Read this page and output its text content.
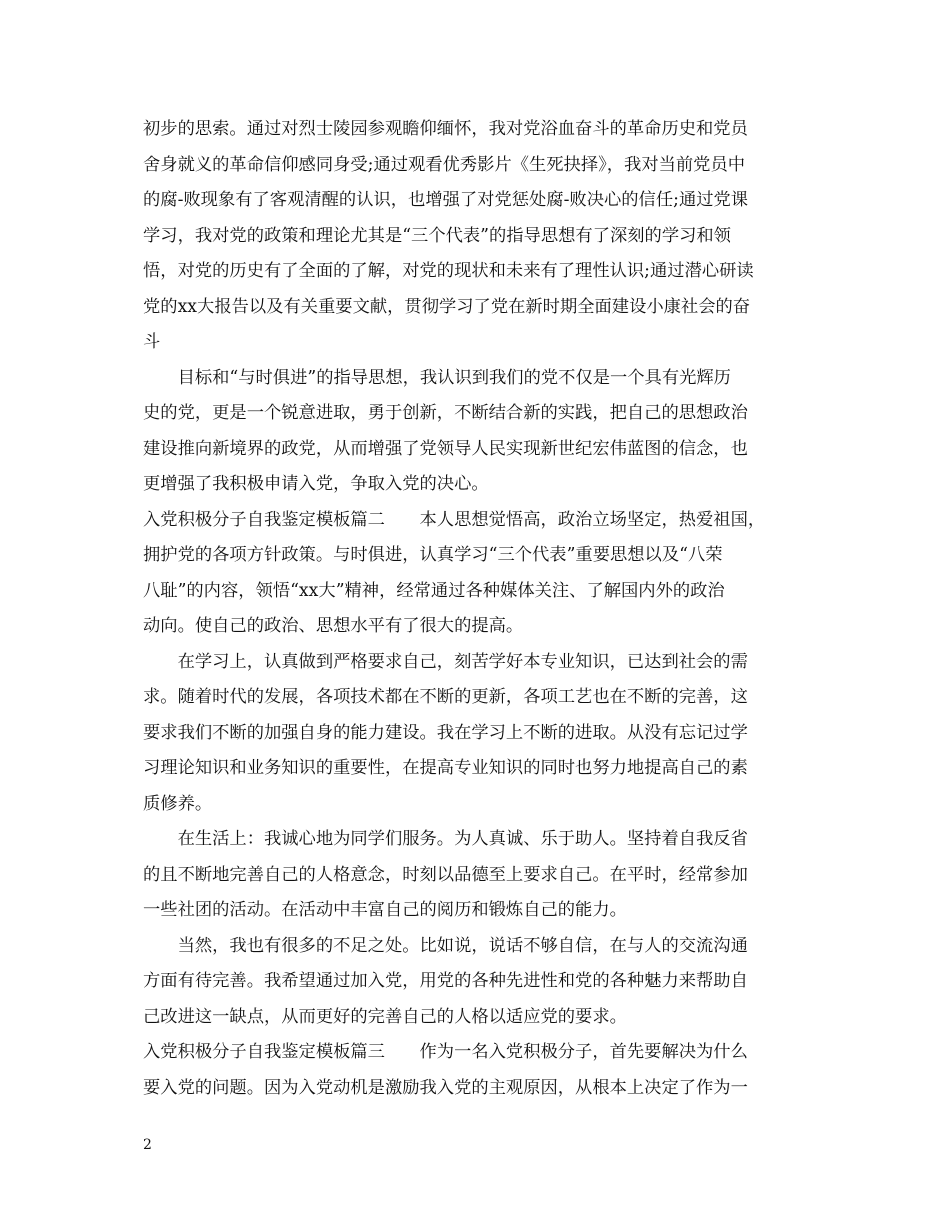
初步的思索。通过对烈士陵园参观瞻仰缅怀，我对党浴血奋斗的革命历史和党员
舍身就义的革命信仰感同身受;通过观看优秀影片《生死抉择》，我对当前党员中
的腐-败现象有了客观清醒的认识，也增强了对党惩处腐-败决心的信任;通过党课
学习，我对党的政策和理论尤其是“三个代表”的指导思想有了深刻的学习和领
悟，对党的历史有了全面的了解，对党的现状和未来有了理性认识;通过潜心研读
党的xx大报告以及有关重要文献，贯彻学习了党在新时期全面建设小康社会的奋
斗
　　目标和“与时俱进”的指导思想，我认识到我们的党不仅是一个具有光辉历
史的党，更是一个锐意进取，勇于创新，不断结合新的实践，把自己的思想政治
建设推向新境界的政党，从而增强了党领导人民实现新世纪宏伟蓝图的信念，也
更增强了我积极申请入党，争取入党的决心。
入党积极分子自我鉴定模板篇二　　本人思想觉悟高，政治立场坚定，热爱祖国，
拥护党的各项方针政策。与时俱进，认真学习“三个代表”重要思想以及“八荣
八耻”的内容，领悟“xx大”精神，经常通过各种媒体关注、了解国内外的政治
动向。使自己的政治、思想水平有了很大的提高。
　　在学习上，认真做到严格要求自己，刻苦学好本专业知识，已达到社会的需
求。随着时代的发展，各项技术都在不断的更新，各项工艺也在不断的完善，这
要求我们不断的加强自身的能力建设。我在学习上不断的进取。从没有忘记过学
习理论知识和业务知识的重要性，在提高专业知识的同时也努力地提高自己的素
质修养。
　　在生活上：我诚心地为同学们服务。为人真诚、乐于助人。坚持着自我反省
的且不断地完善自己的人格意念，时刻以品德至上要求自己。在平时，经常参加
一些社团的活动。在活动中丰富自己的阅历和锻炼自己的能力。
　　当然，我也有很多的不足之处。比如说，说话不够自信，在与人的交流沟通
方面有待完善。我希望通过加入党，用党的各种先进性和党的各种魅力来帮助自
己改进这一缺点，从而更好的完善自己的人格以适应党的要求。
入党积极分子自我鉴定模板篇三　　作为一名入党积极分子，首先要解决为什么
要入党的问题。因为入党动机是激励我入党的主观原因，从根本上决定了作为一
2
